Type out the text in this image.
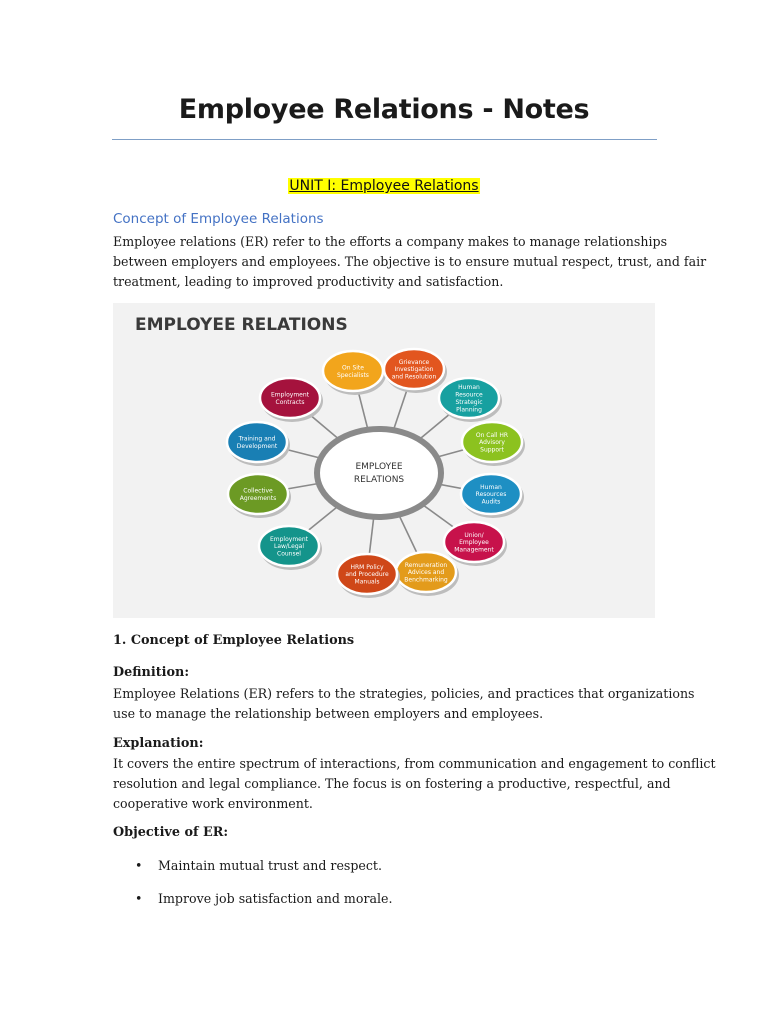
Employee Relations - Notes
UNIT I: Employee Relations
Concept of Employee Relations
Employee relations (ER) refer to the efforts a company makes to manage relationships
between employers and employees. The objective is to ensure mutual respect, trust, and fair
treatment, leading to improved productivity and satisfaction.
EMPLOYEE RELATIONS
EMPLOYEE
RELATIONS
On Site
Specialists
Grievance
Investigation
and Resolution
Human
Resource
Strategic
Planning
On Call HR
Advisory
Support
Human
Resources
Audits
Union/
Employee
Management
Remuneration
Advices and
Benchmarking
HRM Policy
and Procedure
Manuals
Employment
Law/Legal
Counsel
Collective
Agreements
Training and
Development
Employment
Contracts
1. Concept of Employee Relations
Definition:
Employee Relations (ER) refers to the strategies, policies, and practices that organizations
use to manage the relationship between employers and employees.
Explanation:
It covers the entire spectrum of interactions, from communication and engagement to conflict
resolution and legal compliance. The focus is on fostering a productive, respectful, and
cooperative work environment.
Objective of ER:
• Maintain mutual trust and respect.
• Improve job satisfaction and morale.
